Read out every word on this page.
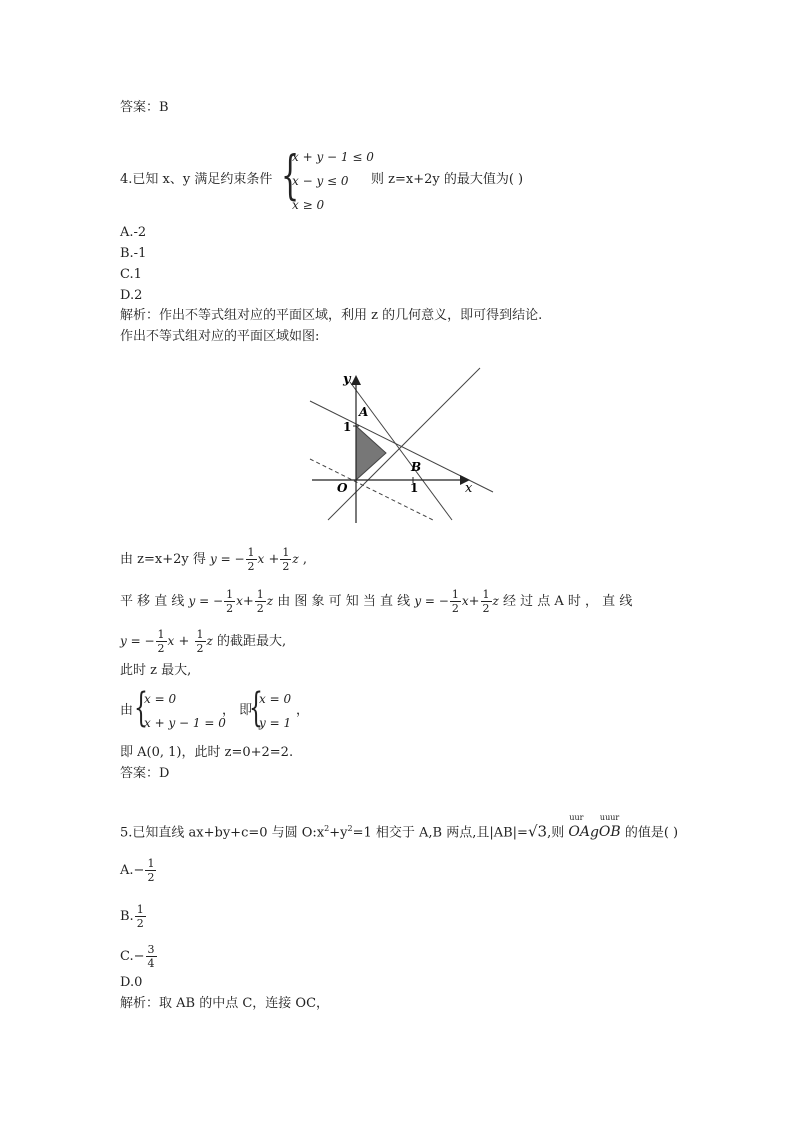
答案：B
4.已知 x、y 满足约束条件 {
x + y − 1 ≤ 0
x − y ≤ 0
x ≥ 0
则 z=x+2y 的最大值为( )
A.-2
B.-1
C.1
D.2
解析：作出不等式组对应的平面区域，利用 z 的几何意义，即可得到结论.
作出不等式组对应的平面区域如图:
y
x
A
B
O
1
1
由 z=x+2y 得 y = − $\frac{1}{2}$ $x + \frac{1}{2}$ z ,
平 移 直 线 y = − $\frac{1}{2} x+ \frac{1}{2}$ z 由 图 象 可 知 当 直 线 y = − $\frac{1}{2} x+ \frac{1}{2}$ z 经 过 点 A 时 ， 直 线
y = − $\frac{1}{2}$ $x + \frac{1}{2}$ z 的截距最大,
此时 z 最大,
由 {
x = 0
x + y − 1 = 0
， 即
{
x = 0
y = 1
，
即 A(0, 1)，此时 z=0+2=2.
答案：D
5.已知直线 ax+by+c=0 与圆 $O:x^2+y^2=1$ 相交于 A,B 两点,且|AB|=√3,则
uur
OAg
uuur
OB 的值是( )
$A.- \frac{1}{2}$
B. $\frac{1}{2}$
$C.- \frac{3}{4}$
D.0
解析：取 AB 的中点 C，连接 OC，
